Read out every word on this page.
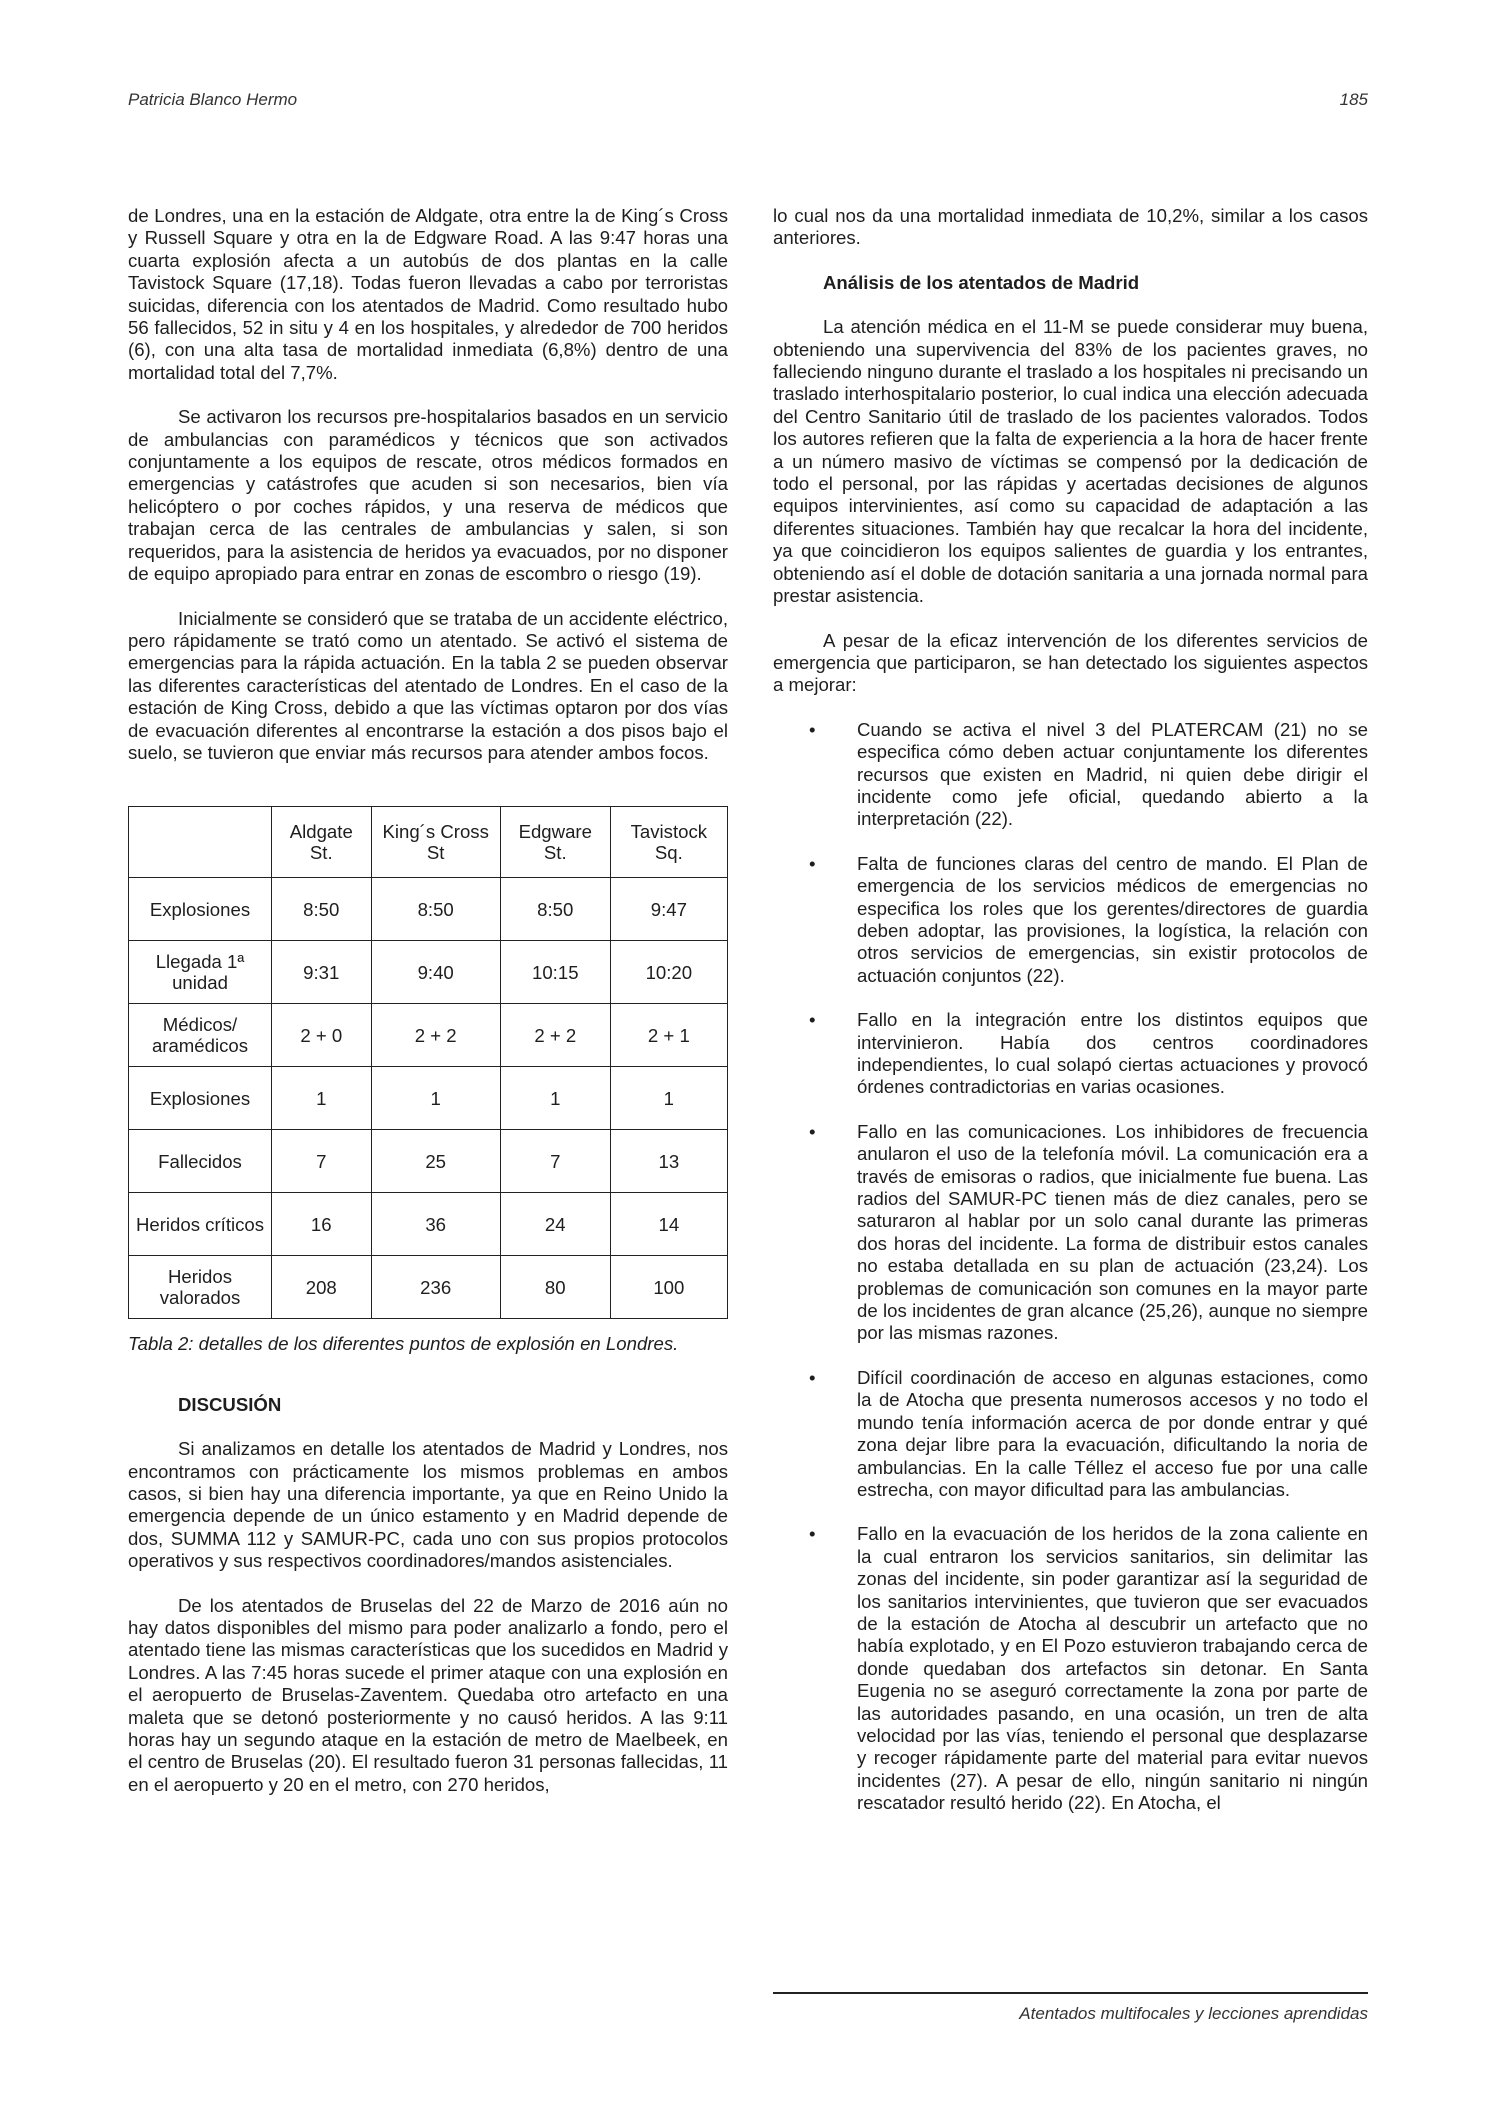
Patricia Blanco Hermo	185

de Londres, una en la estación de Aldgate, otra entre la de King´s Cross y Russell Square y otra en la de Edgware Road. A las 9:47 horas una cuarta explosión afecta a un autobús de dos plantas en la calle Tavistock Square (17,18). Todas fueron llevadas a cabo por terroristas suicidas, diferencia con los atentados de Madrid. Como resultado hubo 56 fallecidos, 52 in situ y 4 en los hospitales, y alrededor de 700 heridos (6), con una alta tasa de mortalidad inmediata (6,8%) dentro de una mortalidad total del 7,7%.

Se activaron los recursos pre-hospitalarios basados en un servicio de ambulancias con paramédicos y técnicos que son activados conjuntamente a los equipos de rescate, otros médicos formados en emergencias y catástrofes que acuden si son necesarios, bien vía helicóptero o por coches rápidos, y una reserva de médicos que trabajan cerca de las centrales de ambulancias y salen, si son requeridos, para la asistencia de heridos ya evacuados, por no disponer de equipo apropiado para entrar en zonas de escombro o riesgo (19).

Inicialmente se consideró que se trataba de un accidente eléctrico, pero rápidamente se trató como un atentado. Se activó el sistema de emergencias para la rápida actuación. En la tabla 2 se pueden observar las diferentes características del atentado de Londres. En el caso de la estación de King Cross, debido a que las víctimas optaron por dos vías de evacuación diferentes al encontrarse la estación a dos pisos bajo el suelo, se tuvieron que enviar más recursos para atender ambos focos.

	Aldgate St.	King´s Cross St	Edgware St.	Tavistock Sq.
Explosiones	8:50	8:50	8:50	9:47
Llegada 1ª unidad	9:31	9:40	10:15	10:20
Médicos/ aramédicos	2 + 0	2 + 2	2 + 2	2 + 1
Explosiones	1	1	1	1
Fallecidos	7	25	7	13
Heridos críticos	16	36	24	14
Heridos valorados	208	236	80	100

Tabla 2: detalles de los diferentes puntos de explosión en Londres.

DISCUSIÓN

Si analizamos en detalle los atentados de Madrid y Londres, nos encontramos con prácticamente los mismos problemas en ambos casos, si bien hay una diferencia importante, ya que en Reino Unido la emergencia depende de un único estamento y en Madrid depende de dos, SUMMA 112 y SAMUR-PC, cada uno con sus propios protocolos operativos y sus respectivos coordinadores/mandos asistenciales.

De los atentados de Bruselas del 22 de Marzo de 2016 aún no hay datos disponibles del mismo para poder analizarlo a fondo, pero el atentado tiene las mismas características que los sucedidos en Madrid y Londres. A las 7:45 horas sucede el primer ataque con una explosión en el aeropuerto de Bruselas-Zaventem. Quedaba otro artefacto en una maleta que se detonó posteriormente y no causó heridos. A las 9:11 horas hay un segundo ataque en la estación de metro de Maelbeek, en el centro de Bruselas (20). El resultado fueron 31 personas fallecidas, 11 en el aeropuerto y 20 en el metro, con 270 heridos,

lo cual nos da una mortalidad inmediata de 10,2%, similar a los casos anteriores.

Análisis de los atentados de Madrid

La atención médica en el 11-M se puede considerar muy buena, obteniendo una supervivencia del 83% de los pacientes graves, no falleciendo ninguno durante el traslado a los hospitales ni precisando un traslado interhospitalario posterior, lo cual indica una elección adecuada del Centro Sanitario útil de traslado de los pacientes valorados. Todos los autores refieren que la falta de experiencia a la hora de hacer frente a un número masivo de víctimas se compensó por la dedicación de todo el personal, por las rápidas y acertadas decisiones de algunos equipos intervinientes, así como su capacidad de adaptación a las diferentes situaciones. También hay que recalcar la hora del incidente, ya que coincidieron los equipos salientes de guardia y los entrantes, obteniendo así el doble de dotación sanitaria a una jornada normal para prestar asistencia.

A pesar de la eficaz intervención de los diferentes servicios de emergencia que participaron, se han detectado los siguientes aspectos a mejorar:

• Cuando se activa el nivel 3 del PLATERCAM (21) no se especifica cómo deben actuar conjuntamente los diferentes recursos que existen en Madrid, ni quien debe dirigir el incidente como jefe oficial, quedando abierto a la interpretación (22).
• Falta de funciones claras del centro de mando. El Plan de emergencia de los servicios médicos de emergencias no especifica los roles que los gerentes/directores de guardia deben adoptar, las provisiones, la logística, la relación con otros servicios de emergencias, sin existir protocolos de actuación conjuntos (22).
• Fallo en la integración entre los distintos equipos que intervinieron. Había dos centros coordinadores independientes, lo cual solapó ciertas actuaciones y provocó órdenes contradictorias en varias ocasiones.
• Fallo en las comunicaciones. Los inhibidores de frecuencia anularon el uso de la telefonía móvil. La comunicación era a través de emisoras o radios, que inicialmente fue buena. Las radios del SAMUR-PC tienen más de diez canales, pero se saturaron al hablar por un solo canal durante las primeras dos horas del incidente. La forma de distribuir estos canales no estaba detallada en su plan de actuación (23,24). Los problemas de comunicación son comunes en la mayor parte de los incidentes de gran alcance (25,26), aunque no siempre por las mismas razones.
• Difícil coordinación de acceso en algunas estaciones, como la de Atocha que presenta numerosos accesos y no todo el mundo tenía información acerca de por donde entrar y qué zona dejar libre para la evacuación, dificultando la noria de ambulancias. En la calle Téllez el acceso fue por una calle estrecha, con mayor dificultad para las ambulancias.
• Fallo en la evacuación de los heridos de la zona caliente en la cual entraron los servicios sanitarios, sin delimitar las zonas del incidente, sin poder garantizar así la seguridad de los sanitarios intervinientes, que tuvieron que ser evacuados de la estación de Atocha al descubrir un artefacto que no había explotado, y en El Pozo estuvieron trabajando cerca de donde quedaban dos artefactos sin detonar. En Santa Eugenia no se aseguró correctamente la zona por parte de las autoridades pasando, en una ocasión, un tren de alta velocidad por las vías, teniendo el personal que desplazarse y recoger rápidamente parte del material para evitar nuevos incidentes (27). A pesar de ello, ningún sanitario ni ningún rescatador resultó herido (22). En Atocha, el
Atentados multifocales y lecciones aprendidas
